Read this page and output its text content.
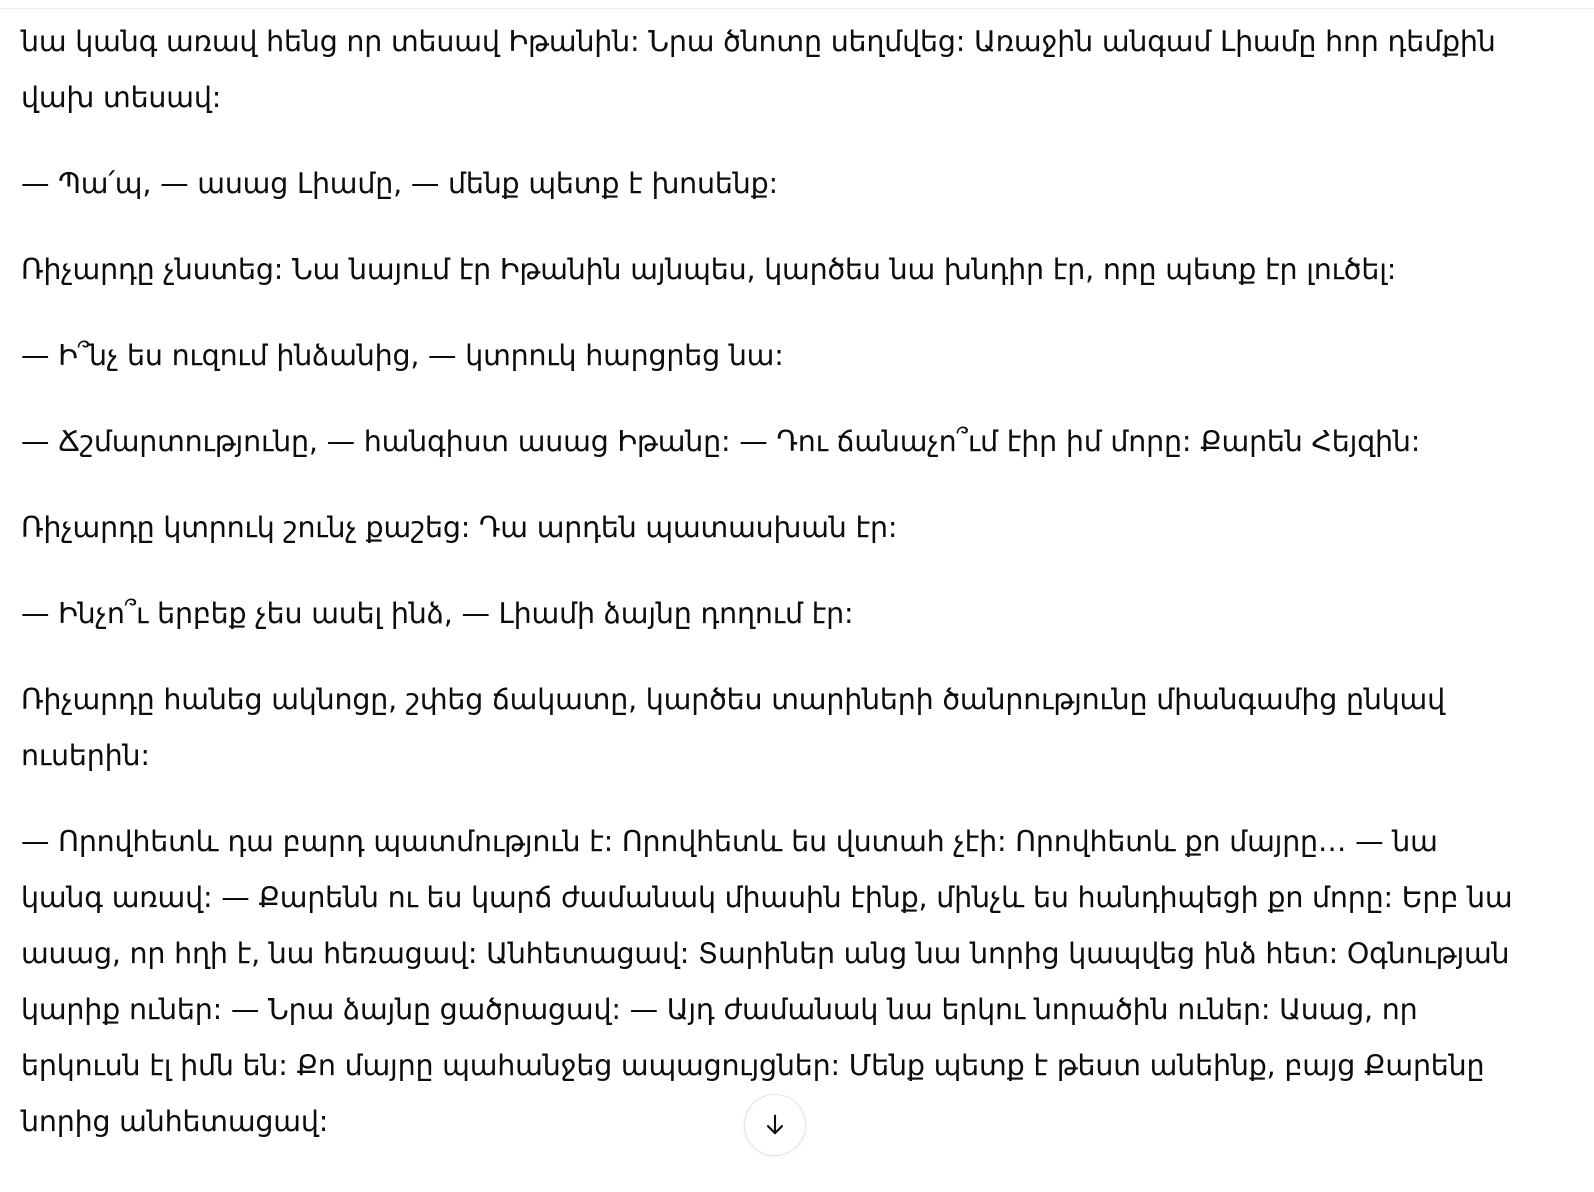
նա կանգ առավ հենց որ տեսավ Իթանին: Նրա ծնոտը սեղմվեց: Առաջին անգամ Լիամը հոր դեմքին վախ տեսավ:

— Պա՛պ, — ասաց Լիամը, — մենք պետք է խոսենք:

Ռիչարդը չնստեց: Նա նայում էր Իթանին այնպես, կարծես նա խնդիր էր, որը պետք էր լուծել:

— Ի՞նչ ես ուզում ինձանից, — կտրուկ հարցրեց նա:

— Ճշմարտությունը, — հանգիստ ասաց Իթանը: — Դու ճանաչո՞ւմ էիր իմ մորը: Քարեն Հեյզին:

Ռիչարդը կտրուկ շունչ քաշեց: Դա արդեն պատասխան էր:

— Ինչո՞ւ երբեք չես ասել ինձ, — Լիամի ձայնը դողում էր:

Ռիչարդը հանեց ակնոցը, շփեց ճակատը, կարծես տարիների ծանրությունը միանգամից ընկավ ուսերին:

— Որովհետև դա բարդ պատմություն է: Որովհետև ես վստահ չէի: Որովհետև քո մայրը… — նա կանգ առավ: — Քարենն ու ես կարճ ժամանակ միասին էինք, մինչև ես հանդիպեցի քո մորը: Երբ նա ասաց, որ հղի է, նա հեռացավ: Անհետացավ: Տարիներ անց նա նորից կապվեց ինձ հետ: Օգնության կարիք ուներ: — Նրա ձայնը ցածրացավ: — Այդ ժամանակ նա երկու նորածին ուներ: Ասաց, որ երկուսն էլ իմն են: Քո մայրը պահանջեց ապացույցներ: Մենք պետք է թեստ անեինք, բայց Քարենը նորից անհետացավ:
